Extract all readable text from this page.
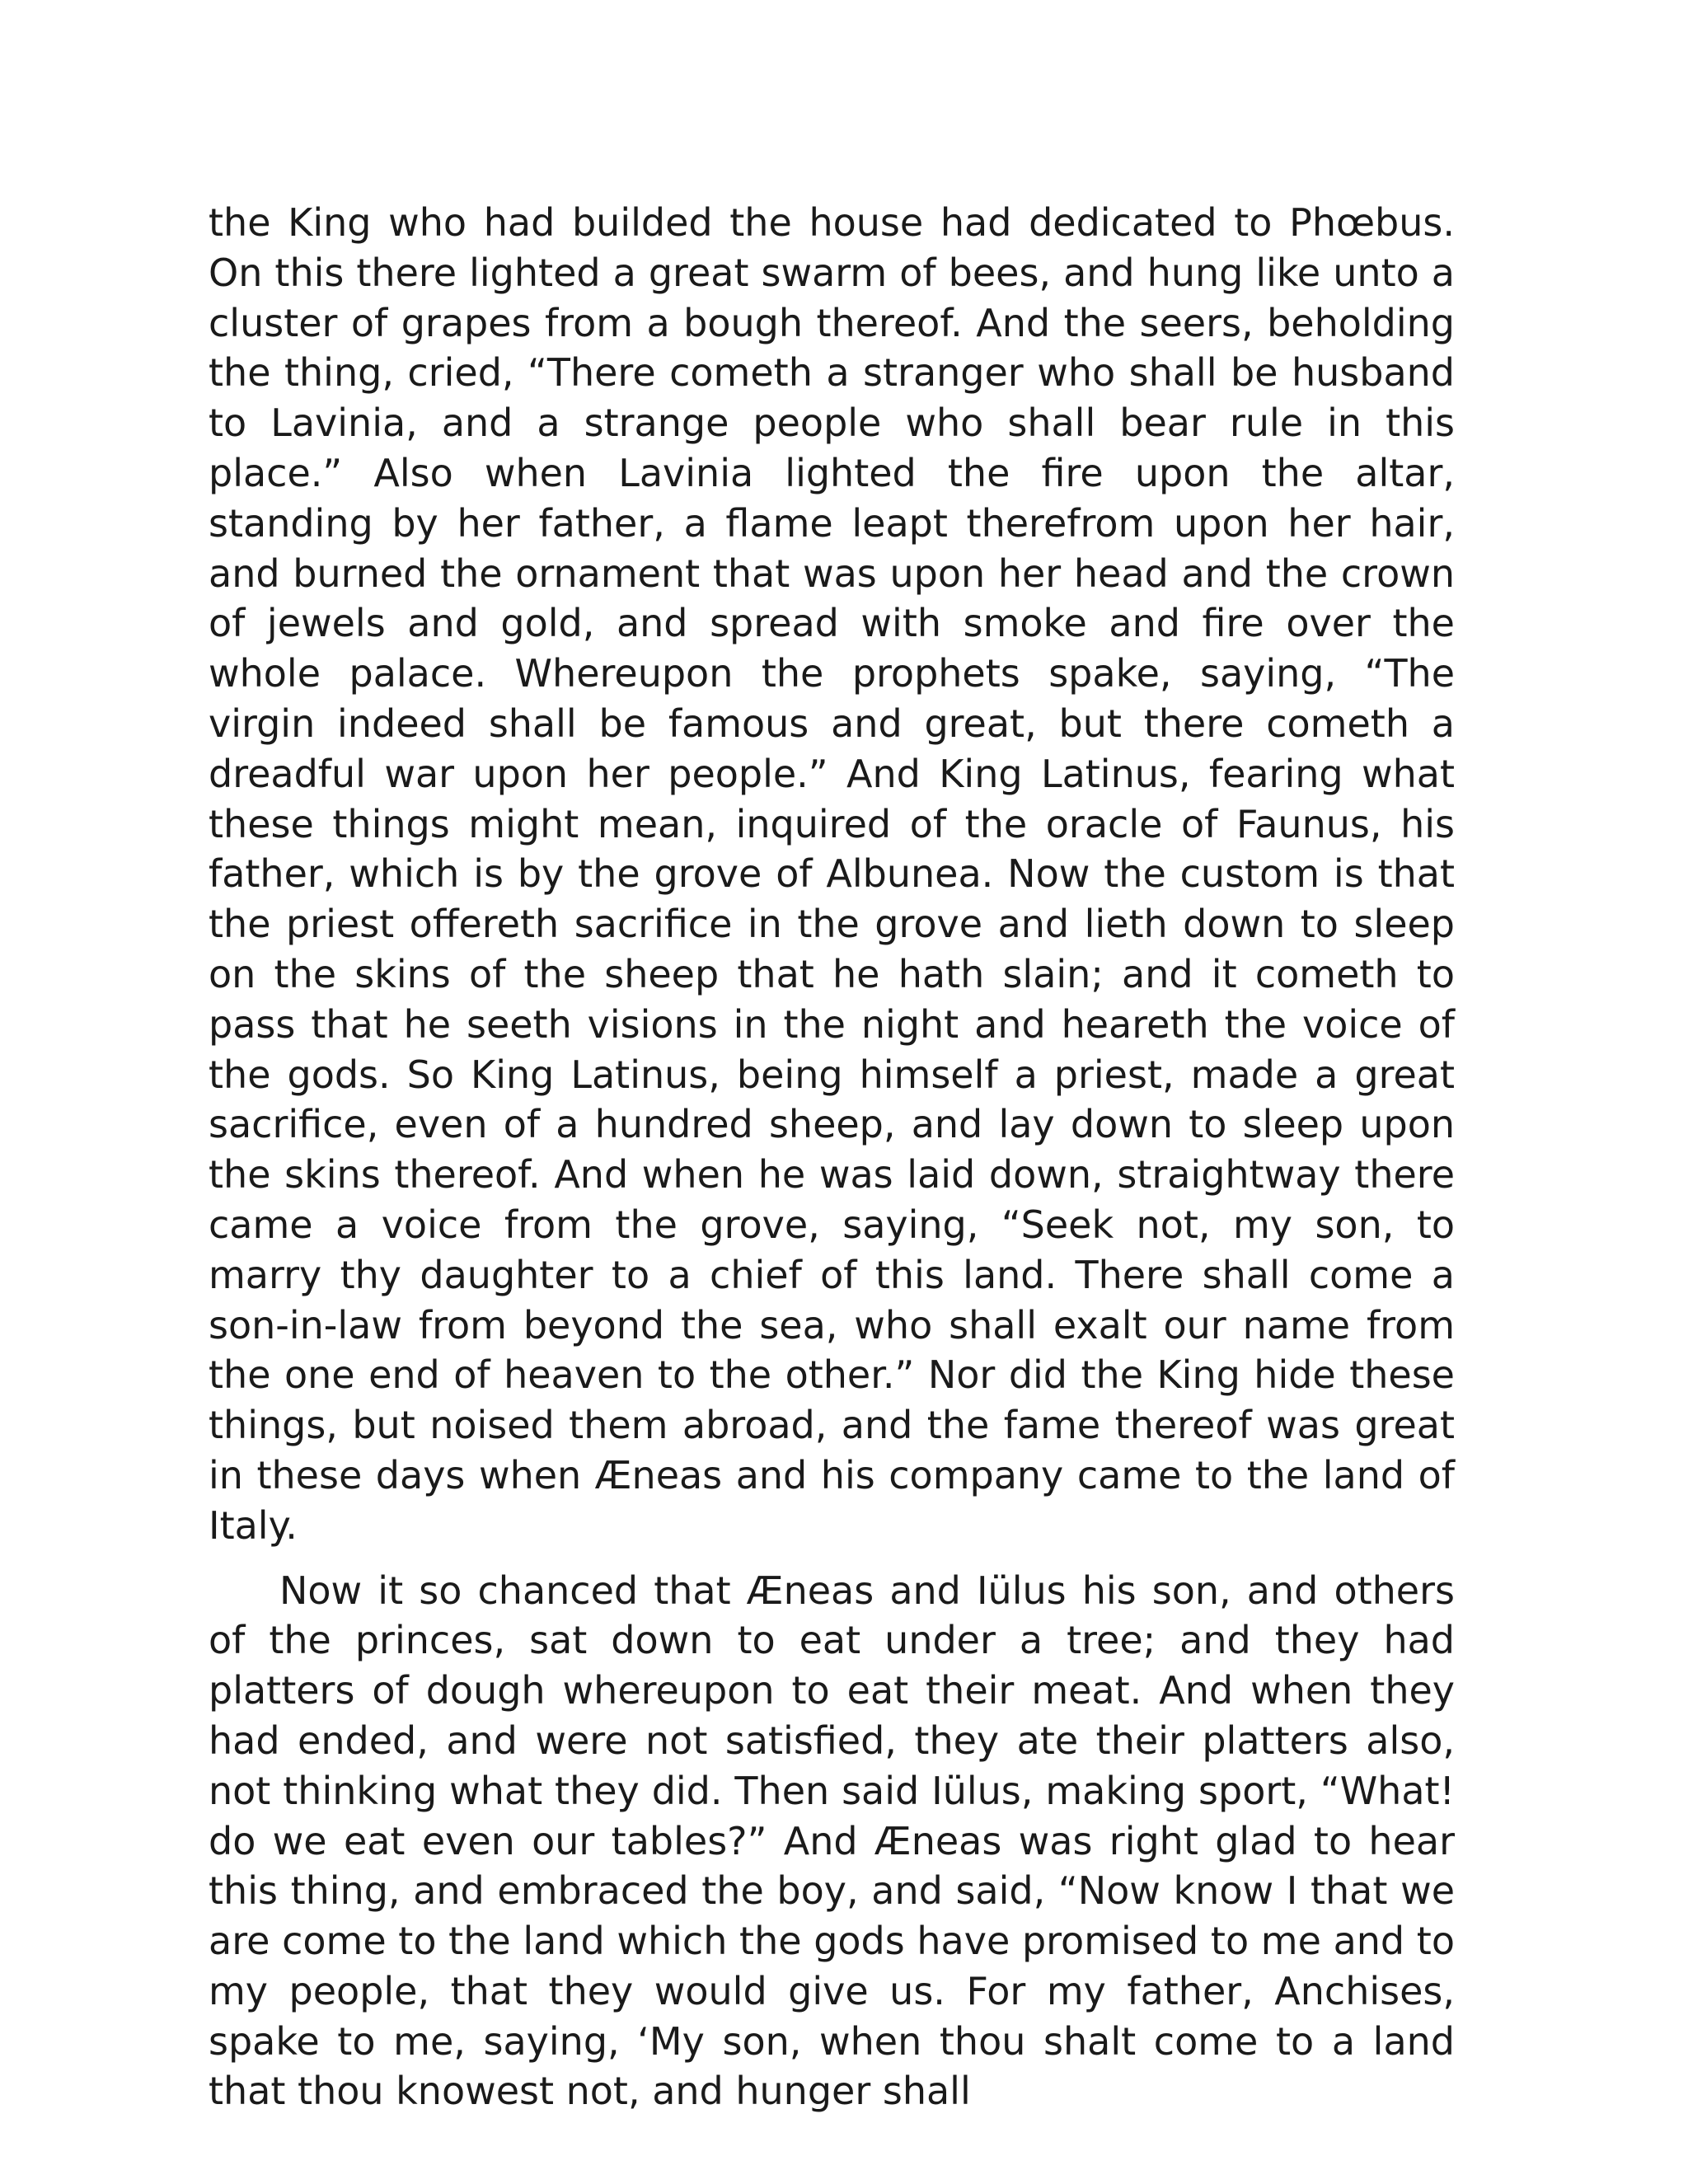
the King who had builded the house had dedicated to Phœbus. On this there lighted a great swarm of bees, and hung like unto a cluster of grapes from a bough thereof. And the seers, beholding the thing, cried, “There cometh a stranger who shall be husband to Lavinia, and a strange people who shall bear rule in this place.” Also when Lavinia lighted the fire upon the altar, standing by her father, a flame leapt therefrom upon her hair, and burned the ornament that was upon her head and the crown of jewels and gold, and spread with smoke and fire over the whole palace. Whereupon the prophets spake, saying, “The virgin indeed shall be famous and great, but there cometh a dreadful war upon her people.” And King Latinus, fearing what these things might mean, inquired of the oracle of Faunus, his father, which is by the grove of Albunea. Now the custom is that the priest offereth sacrifice in the grove and lieth down to sleep on the skins of the sheep that he hath slain; and it cometh to pass that he seeth visions in the night and heareth the voice of the gods. So King Latinus, being himself a priest, made a great sacrifice, even of a hundred sheep, and lay down to sleep upon the skins thereof. And when he was laid down, straightway there came a voice from the grove, saying, “Seek not, my son, to marry thy daughter to a chief of this land. There shall come a son-in-law from beyond the sea, who shall exalt our name from the one end of heaven to the other.” Nor did the King hide these things, but noised them abroad, and the fame thereof was great in these days when Æneas and his company came to the land of Italy.

Now it so chanced that Æneas and Iülus his son, and others of the princes, sat down to eat under a tree; and they had platters of dough whereupon to eat their meat. And when they had ended, and were not satisfied, they ate their platters also, not thinking what they did. Then said Iülus, making sport, “What! do we eat even our tables?” And Æneas was right glad to hear this thing, and embraced the boy, and said, “Now know I that we are come to the land which the gods have promised to me and to my people, that they would give us. For my father, Anchises, spake to me, saying, ‘My son, when thou shalt come to a land that thou knowest not, and hunger shall
